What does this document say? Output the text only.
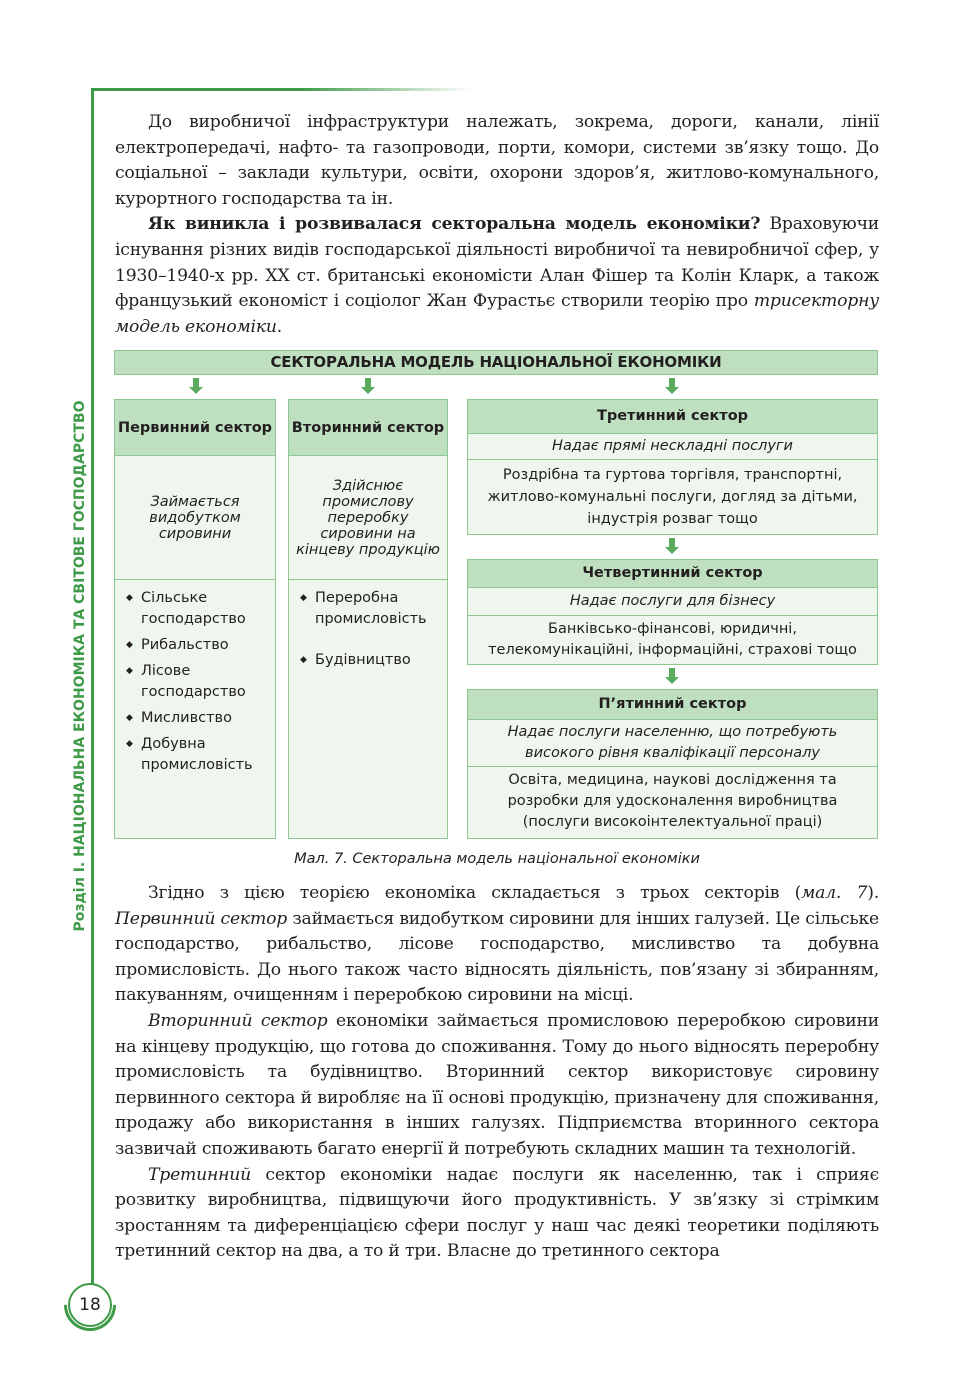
Розділ І. НАЦІОНАЛЬНА ЕКОНОМІКА ТА СВІТОВЕ ГОСПОДАРСТВО
18

До виробничої інфраструктури належать, зокрема, дороги, канали, лінії електропередачі, нафто- та газопроводи, порти, комори, системи зв’язку тощо. До соціальної – заклади культури, освіти, охорони здоров’я, житлово-комунального, курортного господарства та ін.

Як виникла і розвивалася секторальна модель економіки? Враховуючи існування різних видів господарської діяльності виробничої та невиробничої сфер, у 1930–1940-х рр. XX ст. британські економісти Алан Фішер та Колін Кларк, а також французький економіст і соціолог Жан Фурастьє створили теорію про трисекторну модель економіки.

СЕКТОРАЛЬНА МОДЕЛЬ НАЦІОНАЛЬНОЇ ЕКОНОМІКИ
Первинний сектор
Займається видобутком сировини
◆ Сільське господарство
◆ Рибальство
◆ Лісове господарство
◆ Мисливство
◆ Добувна промисловість
Вторинний сектор
Здійснює промислову переробку сировини на кінцеву продукцію
◆ Переробна промисловість
◆ Будівництво
Третинний сектор
Надає прямі нескладні послуги
Роздрібна та гуртова торгівля, транспортні, житлово-комунальні послуги, догляд за дітьми, індустрія розваг тощо
Четвертинний сектор
Надає послуги для бізнесу
Банківсько-фінансові, юридичні, телекомунікаційні, інформаційні, страхові тощо
П’ятинний сектор
Надає послуги населенню, що потребують високого рівня кваліфікації персоналу
Освіта, медицина, наукові дослідження та розробки для удосконалення виробництва (послуги високоінтелектуальної праці)
Мал. 7. Секторальна модель національної економіки

Згідно з цією теорією економіка складається з трьох секторів (мал. 7). Первинний сектор займається видобутком сировини для інших галузей. Це сільське господарство, рибальство, лісове господарство, мисливство та добувна промисловість. До нього також часто відносять діяльність, пов’язану зі збиранням, пакуванням, очищенням і переробкою сировини на місці.

Вторинний сектор економіки займається промисловою переробкою сировини на кінцеву продукцію, що готова до споживання. Тому до нього відносять переробну промисловість та будівництво. Вторинний сектор використовує сировину первинного сектора й виробляє на її основі продукцію, призначену для споживання, продажу або використання в інших галузях. Підприємства вторинного сектора зазвичай споживають багато енергії й потребують складних машин та технологій.

Третинний сектор економіки надає послуги як населенню, так і сприяє розвитку виробництва, підвищуючи його продуктивність. У зв’язку зі стрімким зростанням та диференціацією сфери послуг у наш час деякі теоретики поділяють третинний сектор на два, а то й три. Власне до третинного сектора
